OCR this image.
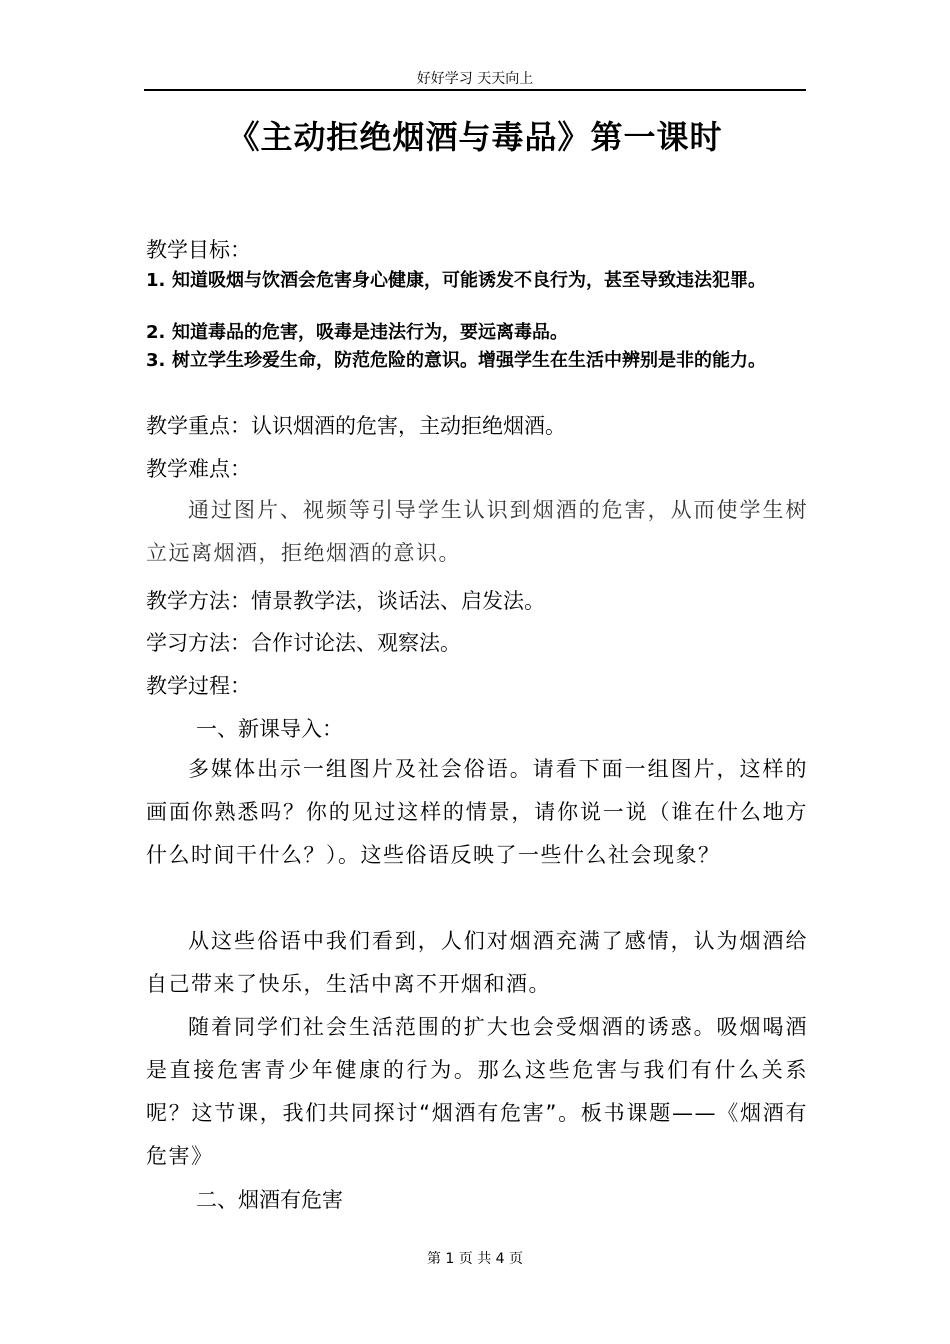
好好学习 天天向上
《主动拒绝烟酒与毒品》第一课时
教学目标：
1. 知道吸烟与饮酒会危害身心健康，可能诱发不良行为，甚至导致违法犯罪。
2. 知道毒品的危害，吸毒是违法行为，要远离毒品。
3. 树立学生珍爱生命，防范危险的意识。增强学生在生活中辨别是非的能力。
教学重点：认识烟酒的危害，主动拒绝烟酒。
教学难点：
通过图片、视频等引导学生认识到烟酒的危害，从而使学生树立远离烟酒，拒绝烟酒的意识。
教学方法：情景教学法，谈话法、启发法。
学习方法：合作讨论法、观察法。
教学过程：
一、新课导入：
多媒体出示一组图片及社会俗语。请看下面一组图片，这样的画面你熟悉吗？你的见过这样的情景，请你说一说（谁在什么地方什么时间干什么？）。这些俗语反映了一些什么社会现象？
从这些俗语中我们看到，人们对烟酒充满了感情，认为烟酒给自己带来了快乐，生活中离不开烟和酒。
随着同学们社会生活范围的扩大也会受烟酒的诱惑。吸烟喝酒是直接危害青少年健康的行为。那么这些危害与我们有什么关系呢？这节课，我们共同探讨“烟酒有危害”。板书课题——《烟酒有危害》
二、烟酒有危害
第 1 页 共 4 页
